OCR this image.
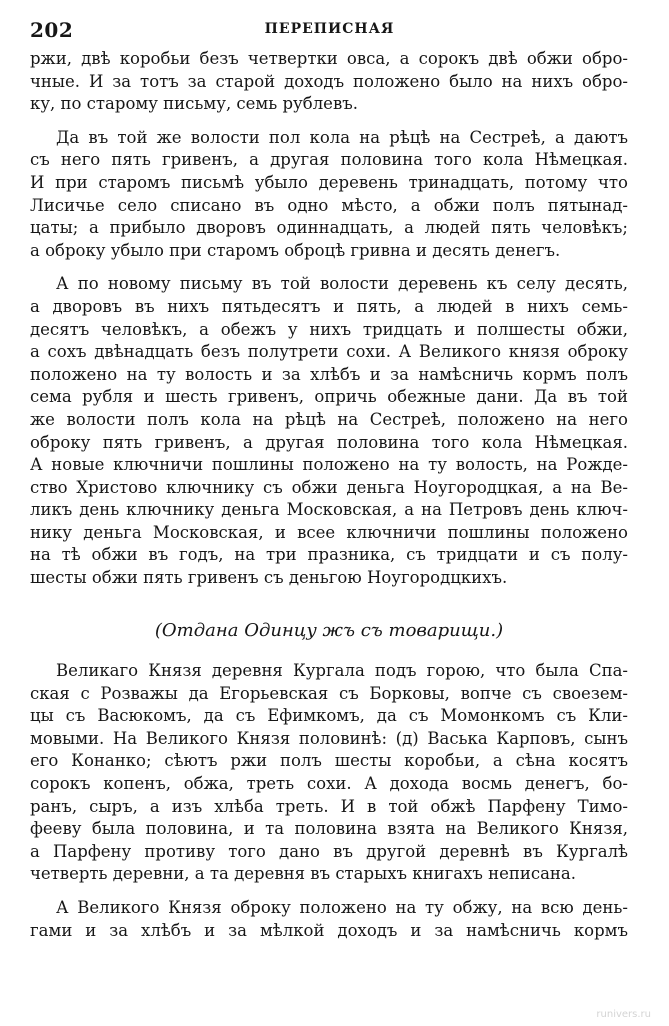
202	ПЕРЕПИСНАЯ
ржи, двѣ коробьи безъ четвертки овса, а сорокъ двѣ обжи обро-
чные. И за тотъ за старой доходъ положено было на нихъ обро-
ку, по старому письму, семь рублевъ.
Да въ той же волости пол кола на рѣцѣ на Сестреѣ, а даютъ
съ него пять гривенъ, а другая половина того кола Нѣмецкая.
И при старомъ письмѣ убыло деревень тринадцать, потому что
Лисичье село списано въ одно мѣсто, а обжи полъ пятынад-
цаты; а прибыло дворовъ одиннадцать, а людей пять человѣкъ;
а оброку убыло при старомъ оброцѣ гривна и десять денегъ.
А по новому письму въ той волости деревень къ селу десять,
а дворовъ въ нихъ пятьдесятъ и пять, а людей в нихъ семь-
десятъ человѣкъ, а обежъ у нихъ тридцать и полшесты обжи,
а сохъ двѣнадцать безъ полутрети сохи. А Великого князя оброку
положено на ту волость и за хлѣбъ и за намѣсничь кормъ полъ
сема рубля и шесть гривенъ, опричь обежные дани. Да въ той
же волости полъ кола на рѣцѣ на Сестреѣ, положено на него
оброку пять гривенъ, а другая половина того кола Нѣмецкая.
А новые ключничи пошлины положено на ту волость, на Рожде-
ство Христово ключнику съ обжи деньга Ноугородцкая, а на Ве-
ликъ день ключнику деньга Московская, а на Петровъ день ключ-
нику деньга Московская, и всее ключничи пошлины положено
на тѣ обжи въ годъ, на три празника, съ тридцати и съ полу-
шесты обжи пять гривенъ съ деньгою Ноугородцкихъ.
(Отдана Одинцу жъ съ товарищи.)
Великаго Князя деревня Кургала подъ горою, что была Спа-
ская с Розважы да Егорьевская съ Борковы, вопче съ своезем-
цы съ Васюкомъ, да съ Ефимкомъ, да съ Момонкомъ съ Кли-
мовыми. На Великого Князя половинѣ: (д) Васька Карповъ, сынъ
его Конанко; сѣютъ ржи полъ шесты коробьи, а сѣна косятъ
сорокъ копенъ, обжа, треть сохи. А дохода восмь денегъ, бо-
ранъ, сыръ, а изъ хлѣба треть. И в той обжѣ Парфену Тимо-
фееву была половина, и та половина взята на Великого Князя,
а Парфену противу того дано въ другой деревнѣ въ Кургалѣ
четверть деревни, а та деревня въ старыхъ книгахъ неписана.
А Великого Князя оброку положено на ту обжу, на всю день-
гами и за хлѣбъ и за мѣлкой доходъ и за намѣсничь кормъ
runivers.ru
